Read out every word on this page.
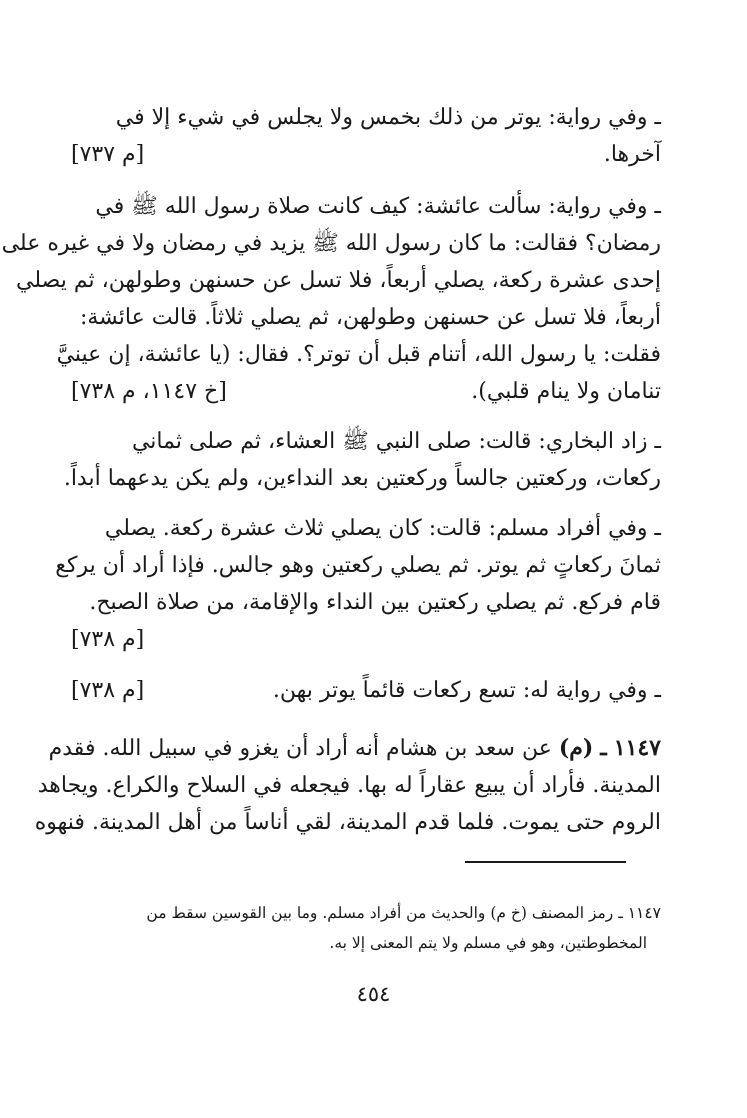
ـ وفي رواية: يوتر من ذلك بخمس ولا يجلس في شيء إلا في
آخرها.
[م ٧٣٧]
ـ وفي رواية: سألت عائشة: كيف كانت صلاة رسول الله ﷺ في
رمضان؟ فقالت: ما كان رسول الله ﷺ يزيد في رمضان ولا في غيره على
إحدى عشرة ركعة، يصلي أربعاً، فلا تسل عن حسنهن وطولهن، ثم يصلي
أربعاً، فلا تسل عن حسنهن وطولهن، ثم يصلي ثلاثاً. قالت عائشة:
فقلت: يا رسول الله، أتنام قبل أن توتر؟. فقال: (يا عائشة، إن عينيَّ
تنامان ولا ينام قلبي).
[خ ١١٤٧، م ٧٣٨]
ـ زاد البخاري: قالت: صلى النبي ﷺ العشاء، ثم صلى ثماني
ركعات، وركعتين جالساً وركعتين بعد النداءين، ولم يكن يدعهما أبداً.
ـ وفي أفراد مسلم: قالت: كان يصلي ثلاث عشرة ركعة. يصلي
ثمانَ ركعاتٍ ثم يوتر. ثم يصلي ركعتين وهو جالس. فإذا أراد أن يركع
قام فركع. ثم يصلي ركعتين بين النداء والإقامة، من صلاة الصبح.
[م ٧٣٨]
ـ وفي رواية له: تسع ركعات قائماً يوتر بهن.
[م ٧٣٨]
١١٤٧ ـ (م) عن سعد بن هشام أنه أراد أن يغزو في سبيل الله. فقدم
المدينة. فأراد أن يبيع عقاراً له بها. فيجعله في السلاح والكراع. ويجاهد
الروم حتى يموت. فلما قدم المدينة، لقي أناساً من أهل المدينة. فنهوه
١١٤٧ ـ رمز المصنف (خ م) والحديث من أفراد مسلم. وما بين القوسين سقط من
المخطوطتين، وهو في مسلم ولا يتم المعنى إلا به.
٤٥٤
